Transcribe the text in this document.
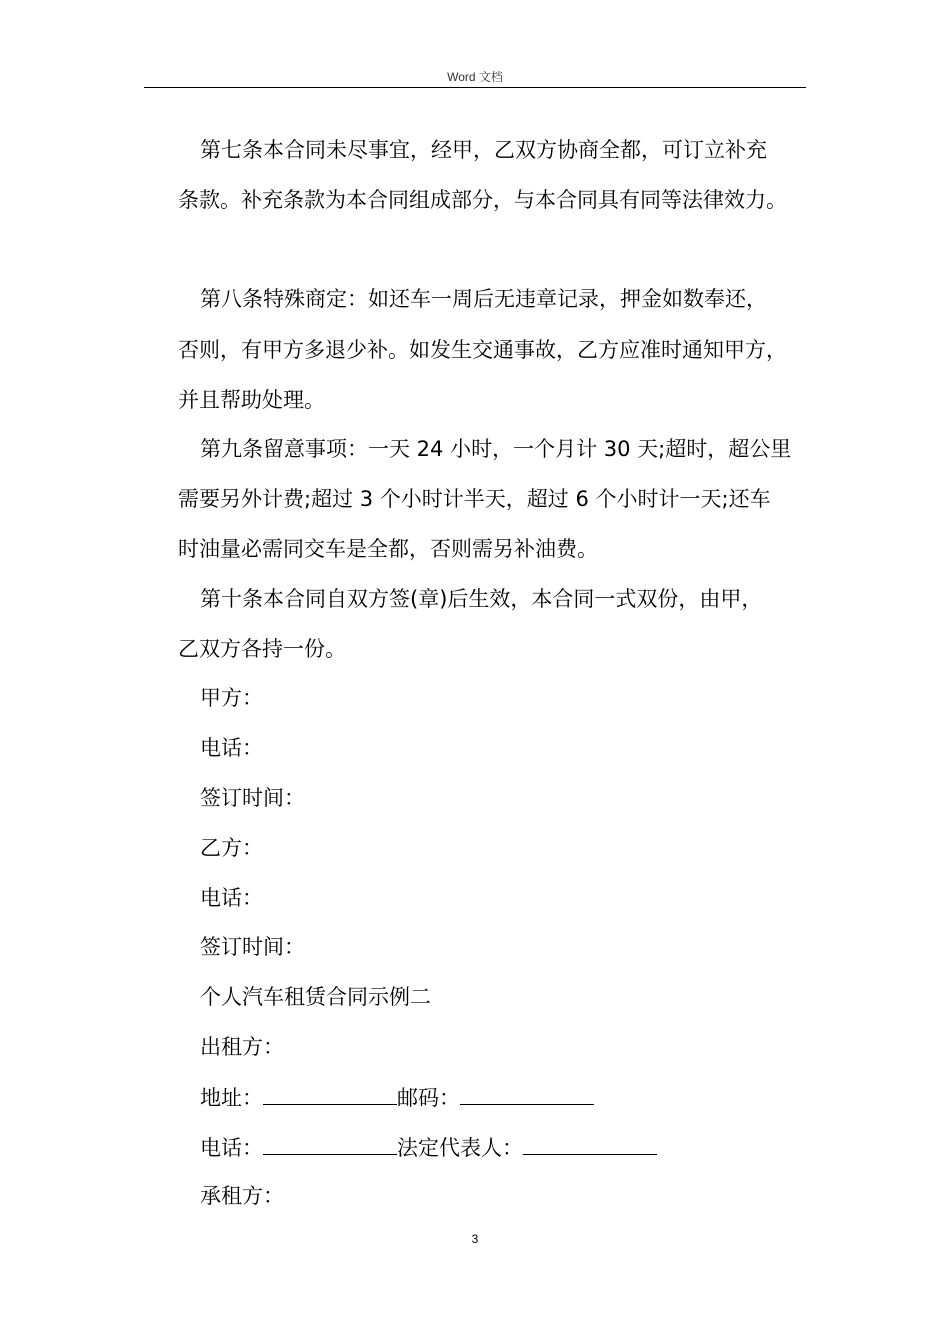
Word 文档
第七条本合同未尽事宜，经甲，乙双方协商全都，可订立补充
条款。补充条款为本合同组成部分，与本合同具有同等法律效力。
第八条特殊商定：如还车一周后无违章记录，押金如数奉还，
否则，有甲方多退少补。如发生交通事故，乙方应准时通知甲方，
并且帮助处理。
第九条留意事项：一天 24 小时，一个月计 30 天;超时，超公里
需要另外计费;超过 3 个小时计半天，超过 6 个小时计一天;还车
时油量必需同交车是全都，否则需另补油费。
第十条本合同自双方签(章)后生效，本合同一式双份，由甲，
乙双方各持一份。
甲方：
电话：
签订时间：
乙方：
电话：
签订时间：
个人汽车租赁合同示例二
出租方：
地址：	邮码：
电话：	法定代表人：
承租方：
3
